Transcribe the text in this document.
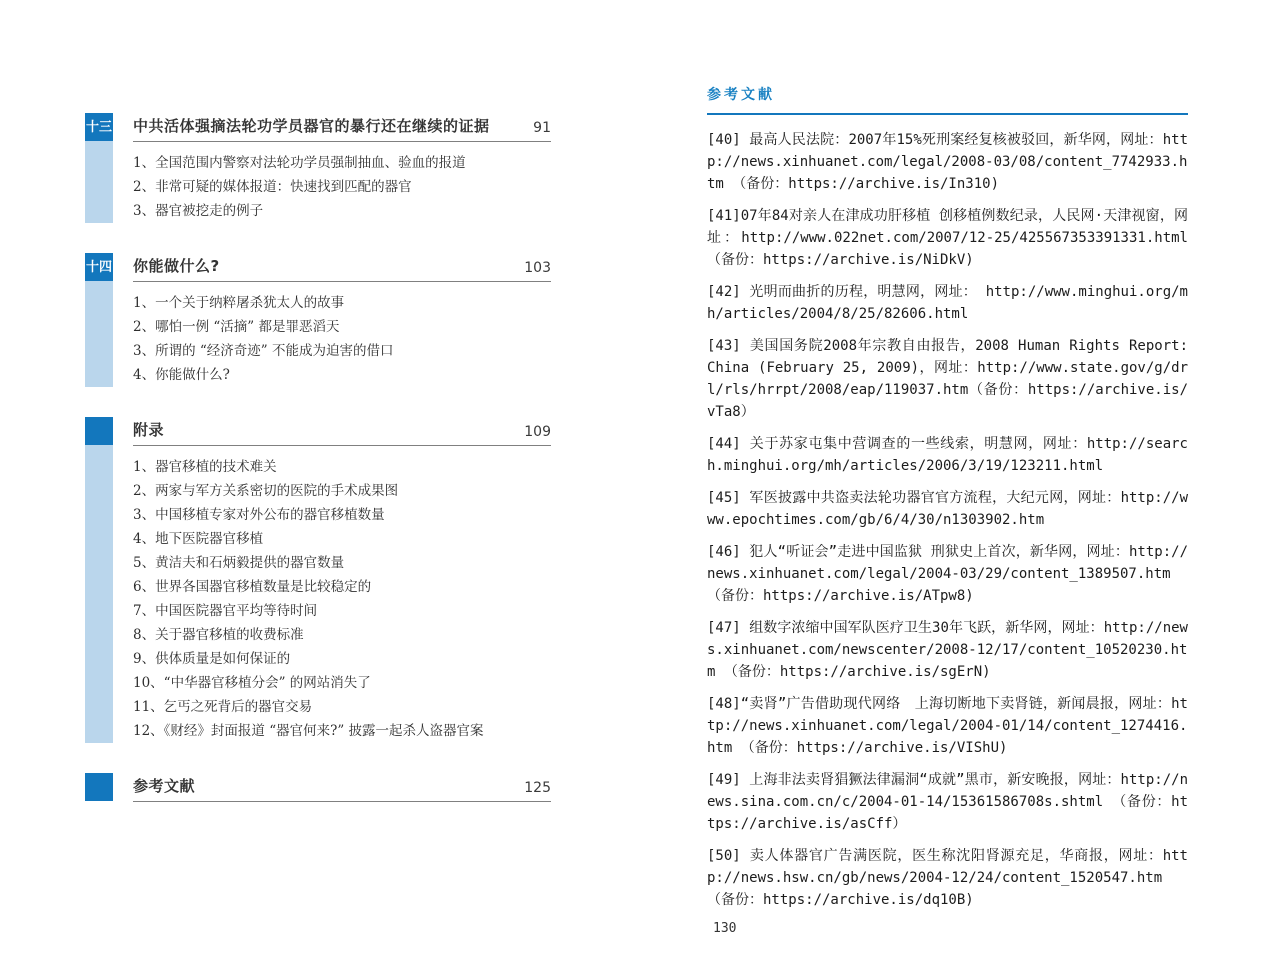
十三 中共活体强摘法轮功学员器官的暴行还在继续的证据	91
1、全国范围内警察对法轮功学员强制抽血、验血的报道
2、非常可疑的媒体报道：快速找到匹配的器官
3、器官被挖走的例子
十四 你能做什么?	103
1、一个关于纳粹屠杀犹太人的故事
2、哪怕一例 “活摘” 都是罪恶滔天
3、所谓的 “经济奇迹” 不能成为迫害的借口
4、你能做什么?
附录	109
1、器官移植的技术难关
2、两家与军方关系密切的医院的手术成果图
3、中国移植专家对外公布的器官移植数量
4、地下医院器官移植
5、黄洁夫和石炳毅提供的器官数量
6、世界各国器官移植数量是比较稳定的
7、中国医院器官平均等待时间
8、关于器官移植的收费标准
9、供体质量是如何保证的
10、“中华器官移植分会” 的网站消失了
11、乞丐之死背后的器官交易
12、《财经》封面报道 “器官何来?” 披露一起杀人盗器官案
参考文献	125
参考文献

[40] 最高人民法院：2007年15%死刑案经复核被驳回，新华网，网址：http://news.xinhuanet.com/legal/2008-03/08/content_7742933.htm （备份：https://archive.is/In310)

[41]07年84对亲人在津成功肝移植 创移植例数纪录，人民网·天津视窗，网址：http://www.022net.com/2007/12-25/425567353391331.html （备份：https://archive.is/NiDkV)

[42] 光明而曲折的历程，明慧网，网址： http://www.minghui.org/mh/articles/2004/8/25/82606.html

[43] 美国国务院2008年宗教自由报告，2008 Human Rights Report: China (February 25, 2009)，网址：http://www.state.gov/g/drl/rls/hrrpt/2008/eap/119037.htm（备份：https://archive.is/vTa8）

[44] 关于苏家屯集中营调查的一些线索，明慧网，网址：http://search.minghui.org/mh/articles/2006/3/19/123211.html

[45] 军医披露中共盗卖法轮功器官官方流程，大纪元网，网址：http://www.epochtimes.com/gb/6/4/30/n1303902.htm

[46] 犯人“听证会”走进中国监狱 刑狱史上首次，新华网，网址：http://news.xinhuanet.com/legal/2004-03/29/content_1389507.htm （备份：https://archive.is/ATpw8)

[47] 组数字浓缩中国军队医疗卫生30年飞跃，新华网，网址：http://news.xinhuanet.com/newscenter/2008-12/17/content_10520230.htm （备份：https://archive.is/sgErN)

[48]“卖肾”广告借助现代网络　上海切断地下卖肾链，新闻晨报，网址：http://news.xinhuanet.com/legal/2004-01/14/content_1274416.htm （备份：https://archive.is/VIShU)

[49] 上海非法卖肾猖獗法律漏洞“成就”黑市，新安晚报，网址：http://news.sina.com.cn/c/2004-01-14/15361586708s.shtml （备份：https://archive.is/asCff）

[50] 卖人体器官广告满医院，医生称沈阳肾源充足，华商报，网址：http://news.hsw.cn/gb/news/2004-12/24/content_1520547.htm （备份：https://archive.is/dq10B)

130
